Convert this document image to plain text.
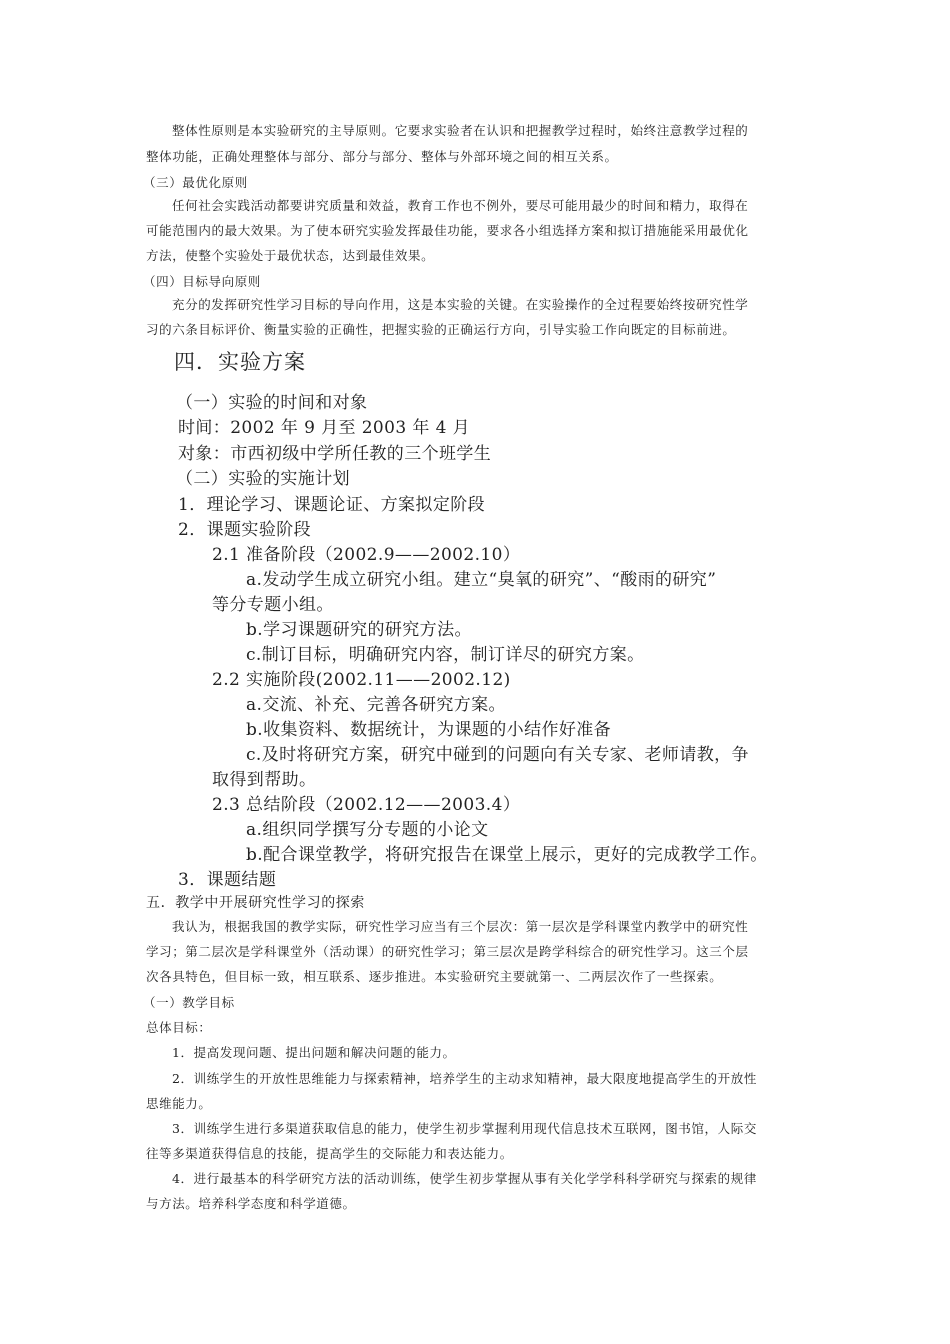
整体性原则是本实验研究的主导原则。它要求实验者在认识和把握教学过程时，始终注意教学过程的
整体功能，正确处理整体与部分、部分与部分、整体与外部环境之间的相互关系。
（三）最优化原则
任何社会实践活动都要讲究质量和效益，教育工作也不例外，要尽可能用最少的时间和精力，取得在
可能范围内的最大效果。为了使本研究实验发挥最佳功能，要求各小组选择方案和拟订措施能采用最优化
方法，使整个实验处于最优状态，达到最佳效果。
（四）目标导向原则
充分的发挥研究性学习目标的导向作用，这是本实验的关键。在实验操作的全过程要始终按研究性学
习的六条目标评价、衡量实验的正确性，把握实验的正确运行方向，引导实验工作向既定的目标前进。
四．实验方案
（一）实验的时间和对象
时间：2002 年 9 月至 2003 年 4 月
对象：市西初级中学所任教的三个班学生
（二）实验的实施计划
1．理论学习、课题论证、方案拟定阶段
2．课题实验阶段
2.1 准备阶段（2002.9——2002.10）
a.发动学生成立研究小组。建立“臭氧的研究”、“酸雨的研究”
等分专题小组。
b.学习课题研究的研究方法。
c.制订目标，明确研究内容，制订详尽的研究方案。
2.2 实施阶段(2002.11——2002.12)
a.交流、补充、完善各研究方案。
b.收集资料、数据统计，为课题的小结作好准备
c.及时将研究方案，研究中碰到的问题向有关专家、老师请教，争
取得到帮助。
2.3 总结阶段（2002.12——2003.4）
a.组织同学撰写分专题的小论文
b.配合课堂教学，将研究报告在课堂上展示，更好的完成教学工作。
3．课题结题
五．教学中开展研究性学习的探索
我认为，根据我国的教学实际，研究性学习应当有三个层次：第一层次是学科课堂内教学中的研究性
学习；第二层次是学科课堂外（活动课）的研究性学习；第三层次是跨学科综合的研究性学习。这三个层
次各具特色，但目标一致，相互联系、逐步推进。本实验研究主要就第一、二两层次作了一些探索。
（一）教学目标
总体目标：
1．提高发现问题、提出问题和解决问题的能力。
2．训练学生的开放性思维能力与探索精神，培养学生的主动求知精神，最大限度地提高学生的开放性
思维能力。
3．训练学生进行多渠道获取信息的能力，使学生初步掌握利用现代信息技术互联网，图书馆，人际交
往等多渠道获得信息的技能，提高学生的交际能力和表达能力。
4．进行最基本的科学研究方法的活动训练，使学生初步掌握从事有关化学学科科学研究与探索的规律
与方法。培养科学态度和科学道德。
